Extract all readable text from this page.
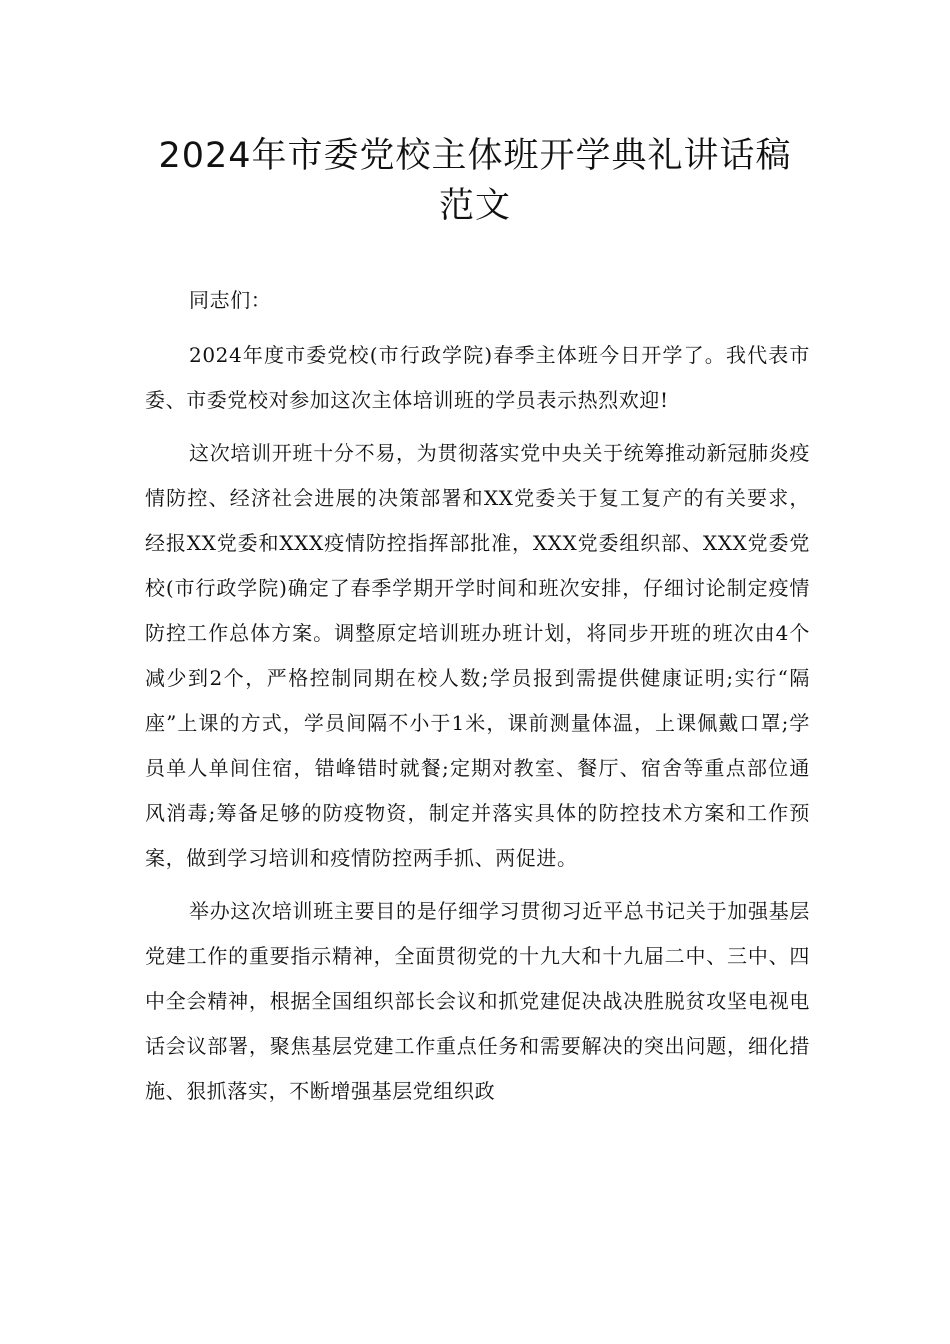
2024年市委党校主体班开学典礼讲话稿
范文

同志们：

2024年度市委党校(市行政学院)春季主体班今日开学了。我代表市委、市委党校对参加这次主体培训班的学员表示热烈欢迎!

这次培训开班十分不易，为贯彻落实党中央关于统筹推动新冠肺炎疫情防控、经济社会进展的决策部署和XX党委关于复工复产的有关要求，经报XX党委和XXX疫情防控指挥部批准，XXX党委组织部、XXX党委党校(市行政学院)确定了春季学期开学时间和班次安排，仔细讨论制定疫情防控工作总体方案。调整原定培训班办班计划，将同步开班的班次由4个减少到2个，严格控制同期在校人数;学员报到需提供健康证明;实行“隔座”上课的方式，学员间隔不小于1米，课前测量体温，上课佩戴口罩;学员单人单间住宿，错峰错时就餐;定期对教室、餐厅、宿舍等重点部位通风消毒;筹备足够的防疫物资，制定并落实具体的防控技术方案和工作预案，做到学习培训和疫情防控两手抓、两促进。

举办这次培训班主要目的是仔细学习贯彻习近平总书记关于加强基层党建工作的重要指示精神，全面贯彻党的十九大和十九届二中、三中、四中全会精神，根据全国组织部长会议和抓党建促决战决胜脱贫攻坚电视电话会议部署，聚焦基层党建工作重点任务和需要解决的突出问题，细化措施、狠抓落实，不断增强基层党组织政
